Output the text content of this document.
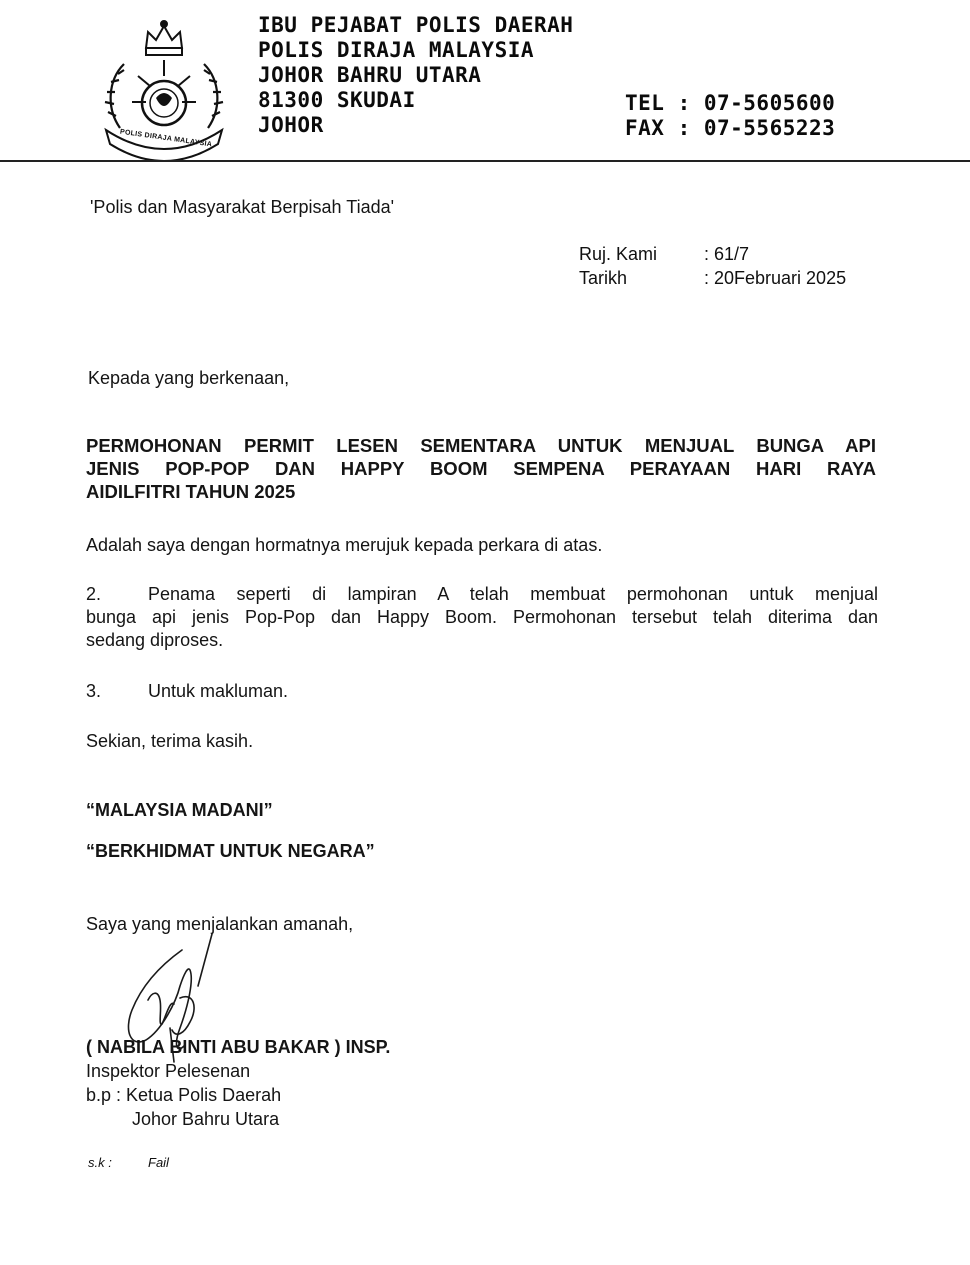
POLIS DIRAJA MALAYSIA
IBU PEJABAT POLIS DAERAH
POLIS DIRAJA MALAYSIA
JOHOR BAHRU UTARA
81300 SKUDAI
JOHOR
TEL : 07-5605600
FAX : 07-5565223
'Polis dan Masyarakat Berpisah Tiada'
Ruj. Kami	: 61/7
Tarikh	: 20Februari 2025
Kepada yang berkenaan,
PERMOHONAN PERMIT LESEN SEMENTARA UNTUK MENJUAL BUNGA API
JENIS POP-POP DAN HAPPY BOOM SEMPENA PERAYAAN HARI RAYA
AIDILFITRI TAHUN 2025
Adalah saya dengan hormatnya merujuk kepada perkara di atas.
2.	Penama seperti di lampiran A telah membuat permohonan untuk menjual
bunga api jenis Pop-Pop dan Happy Boom. Permohonan tersebut telah diterima dan
sedang diproses.
3.	Untuk makluman.
Sekian, terima kasih.
“MALAYSIA MADANI”
“BERKHIDMAT UNTUK NEGARA”
Saya yang menjalankan amanah,
( NABILA BINTI ABU BAKAR ) INSP.
Inspektor Pelesenan
b.p : Ketua Polis Daerah
Johor Bahru Utara
s.k :	Fail
